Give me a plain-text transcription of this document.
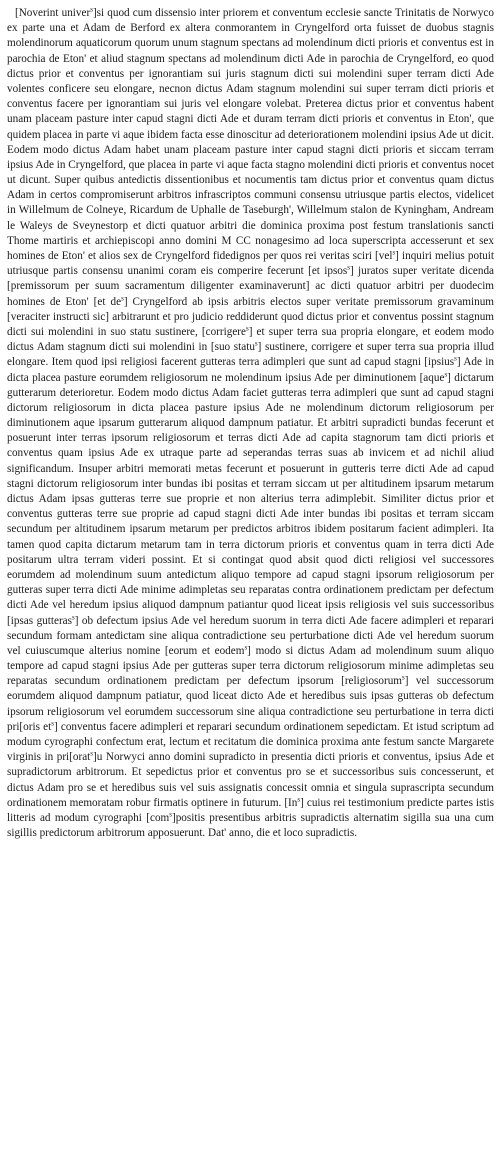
[Noverint univer$^s$]si quod cum dissensio inter priorem et conventum ecclesie sancte Trinitatis de Norwyco ex parte una et Adam de Berford ex altera conmorantem in Cryngelford orta fuisset de duobus stagnis molendinorum aquaticorum quorum unum stagnum spectans ad molendinum dicti prioris et conventus est in parochia de Eton' et aliud stagnum spectans ad molendinum dicti Ade in parochia de Cryngelford, eo quod dictus prior et conventus per ignorantiam sui juris stagnum dicti sui molendini super terram dicti Ade volentes conficere seu elongare, necnon dictus Adam stagnum molendini sui super terram dicti prioris et conventus facere per ignorantiam sui juris vel elongare volebat. Preterea dictus prior et conventus habent unam placeam pasture inter capud stagni dicti Ade et duram terram dicti prioris et conventus in Eton', que quidem placea in parte vi aque ibidem facta esse dinoscitur ad deteriorationem molendini ipsius Ade ut dicit. Eodem modo dictus Adam habet unam placeam pasture inter capud stagni dicti prioris et siccam terram ipsius Ade in Cryngelford, que placea in parte vi aque facta stagno molendini dicti prioris et conventus nocet ut dicunt. Super quibus antedictis dissentionibus et nocumentis tam dictus prior et conventus quam dictus Adam in certos compromiserunt arbitros infrascriptos communi consensu utriusque partis electos, videlicet in Willelmum de Colneye, Ricardum de Uphalle de Taseburgh', Willelmum stalon de Kyningham, Andream le Waleys de Sveynestorp et dicti quatuor arbitri die dominica proxima post festum translationis sancti Thome martiris et archiepiscopi anno domini M CC nonagesimo ad loca superscripta accesserunt et sex homines de Eton' et alios sex de Cryngelford fidedignos per quos rei veritas sciri [vel$^s$] inquiri melius potuit utriusque partis consensu unanimi coram eis comperire fecerunt [et ipsos$^s$] juratos super veritate dicenda [premissorum per suum sacramentum diligenter examinaverunt] ac dicti quatuor arbitri per duodecim homines de Eton' [et $de^s$] Cryngelford ab ipsis arbitris electos super veritate premissorum gravaminum [veraciter instructi sic] arbitrarunt et pro judicio reddiderunt quod dictus prior et conventus possint stagnum dicti sui molendini in suo statu sustinere, [corrigere$^s$] et super terra sua propria elongare, et eodem modo dictus Adam stagnum dicti sui molendini in [suo statu$^s$] sustinere, corrigere et super terra sua propria illud elongare. Item quod ipsi religiosi facerent gutteras terra adimpleri que sunt ad capud stagni [ipsius$^s$] Ade in dicta placea pasture eorumdem religiosorum ne molendinum ipsius Ade per diminutionem [aque$^s$] dictarum gutterarum deterioretur. Eodem modo dictus Adam faciet gutteras terra adimpleri que sunt ad capud stagni dictorum religiosorum in dicta placea pasture ipsius Ade ne molendinum dictorum religiosorum per diminutionem aque ipsarum gutterarum aliquod dampnum patiatur. Et arbitri supradicti bundas fecerunt et posuerunt inter terras ipsorum religiosorum et terras dicti Ade ad capita stagnorum tam dicti prioris et conventus quam ipsius Ade ex utraque parte ad seperandas terras suas ab invicem et ad nichil aliud significandum. Insuper arbitri memorati metas fecerunt et posuerunt in gutteris terre dicti Ade ad capud stagni dictorum religiosorum inter bundas ibi positas et terram siccam ut per altitudinem ipsarum metarum dictus Adam ipsas gutteras terre sue proprie et non alterius terra adimplebit. Similiter dictus prior et conventus gutteras terre sue proprie ad capud stagni dicti Ade inter bundas ibi positas et terram siccam secundum per altitudinem ipsarum metarum per predictos arbitros ibidem positarum facient adimpleri. Ita tamen quod capita dictarum metarum tam in terra dictorum prioris et conventus quam in terra dicti Ade positarum ultra terram videri possint. Et si contingat quod absit quod dicti religiosi vel successores eorumdem ad molendinum suum antedictum aliquo tempore ad capud stagni ipsorum religiosorum per gutteras super terra dicti Ade minime adimpletas seu reparatas contra ordinationem predictam per defectum dicti Ade vel heredum ipsius aliquod dampnum patiantur quod liceat ipsis religiosis vel suis successoribus [ipsas gutteras$^s$] ob defectum ipsius Ade vel heredum suorum in terra dicti Ade facere adimpleri et reparari secundum formam antedictam sine aliqua contradictione seu perturbatione dicti Ade vel heredum suorum vel cuiuscumque alterius nomine [eorum et eodem$^s$] modo si dictus Adam ad molendinum suum aliquo tempore ad capud stagni ipsius Ade per gutteras super terra dictorum religiosorum minime adimpletas seu reparatas secundum ordinationem predictam per defectum ipsorum [religiosorum$^s$] vel successorum eorumdem aliquod dampnum patiatur, quod liceat dicto Ade et heredibus suis ipsas gutteras ob defectum ipsorum religiosorum vel eorumdem successorum sine aliqua contradictione seu perturbatione in terra dicti pri[oris $et^s$] conventus facere adimpleri et reparari secundum ordinationem sepedictam. Et istud scriptum ad modum cyrographi confectum erat, lectum et recitatum die dominica proxima ante festum sancte Margarete virginis in pri[orat$^s$]u Norwyci anno domini supradicto in presentia dicti prioris et conventus, ipsius Ade et supradictorum arbitrorum. Et sepedictus prior et conventus pro se et successoribus suis concesserunt, et dictus Adam pro se et heredibus suis vel suis assignatis concessit omnia et singula suprascripta secundum ordinationem memoratam robur firmatis optinere in futurum. [In$^s$] cuius rei testimonium predicte partes istis litteris ad modum cyrographi [com$^s$]positis presentibus arbitris supradictis alternatim sigilla sua una cum sigillis predictorum arbitrorum apposuerunt. Dat' anno, die et loco supradictis.
